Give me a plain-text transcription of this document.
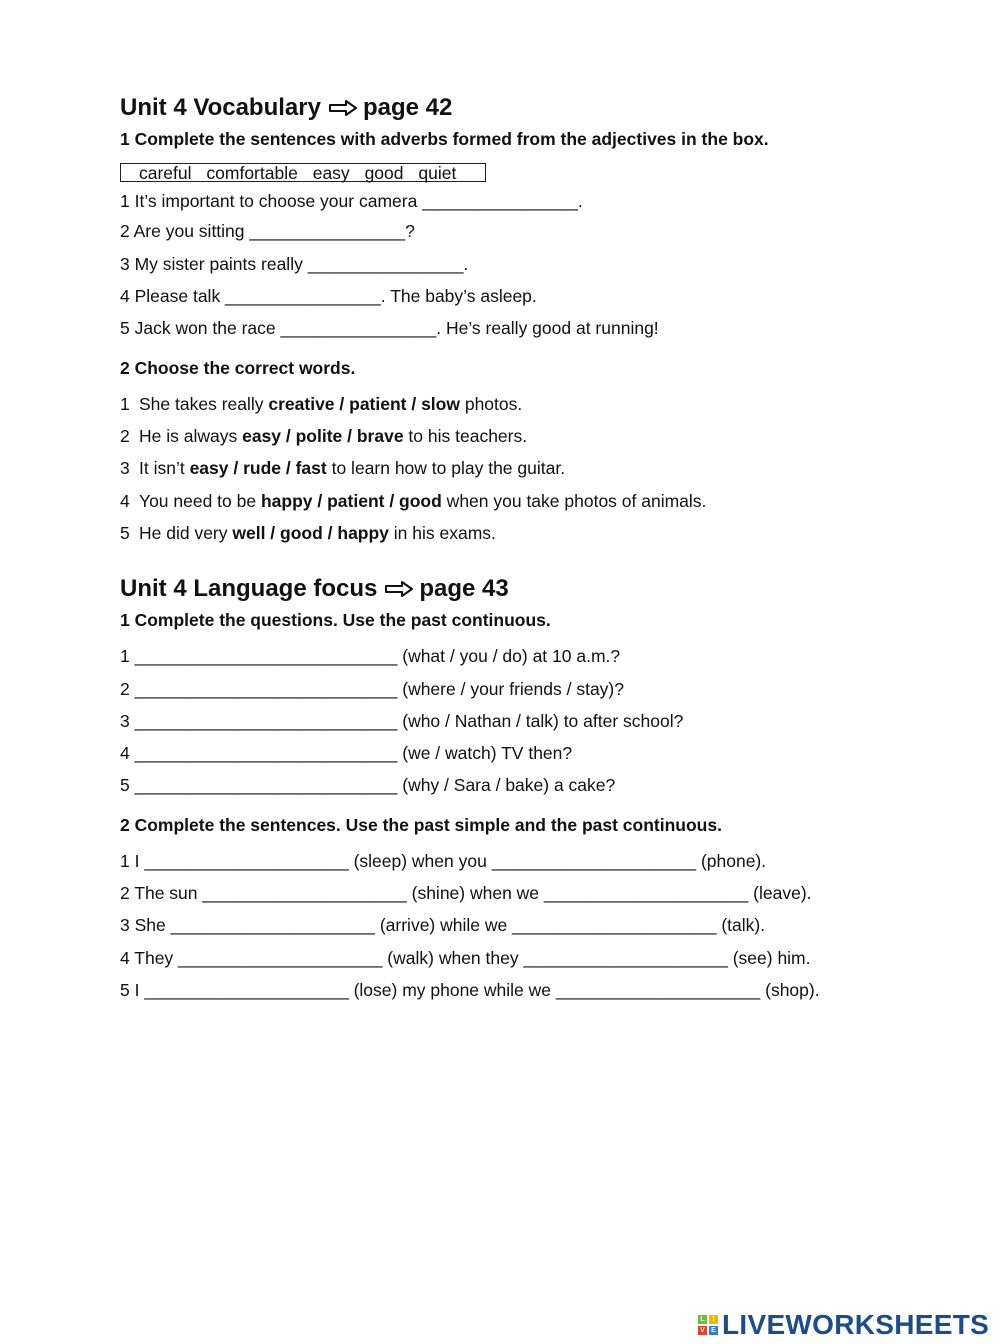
Unit 4 Vocabulary page 42
1 Complete the sentences with adverbs formed from the adjectives in the box.
careful comfortable easy good quiet
1 It’s important to choose your camera ________________.
2 Are you sitting ________________?
3 My sister paints really ________________.
4 Please talk ________________. The baby’s asleep.
5 Jack won the race ________________. He’s really good at running!
2 Choose the correct words.
1 She takes really creative / patient / slow photos.
2 He is always easy / polite / brave to his teachers.
3 It isn’t easy / rude / fast to learn how to play the guitar.
4 You need to be happy / patient / good when you take photos of animals.
5 He did very well / good / happy in his exams.
Unit 4 Language focus page 43
1 Complete the questions. Use the past continuous.
1 ___________________________ (what / you / do) at 10 a.m.?
2 ___________________________ (where / your friends / stay)?
3 ___________________________ (who / Nathan / talk) to after school?
4 ___________________________ (we / watch) TV then?
5 ___________________________ (why / Sara / bake) a cake?
2 Complete the sentences. Use the past simple and the past continuous.
1 I _____________________ (sleep) when you _____________________ (phone).
2 The sun _____________________ (shine) when we _____________________ (leave).
3 She _____________________ (arrive) while we _____________________ (talk).
4 They _____________________ (walk) when they _____________________ (see) him.
5 I _____________________ (lose) my phone while we _____________________ (shop).
L	I
V E LIVEWORKSHEETS
